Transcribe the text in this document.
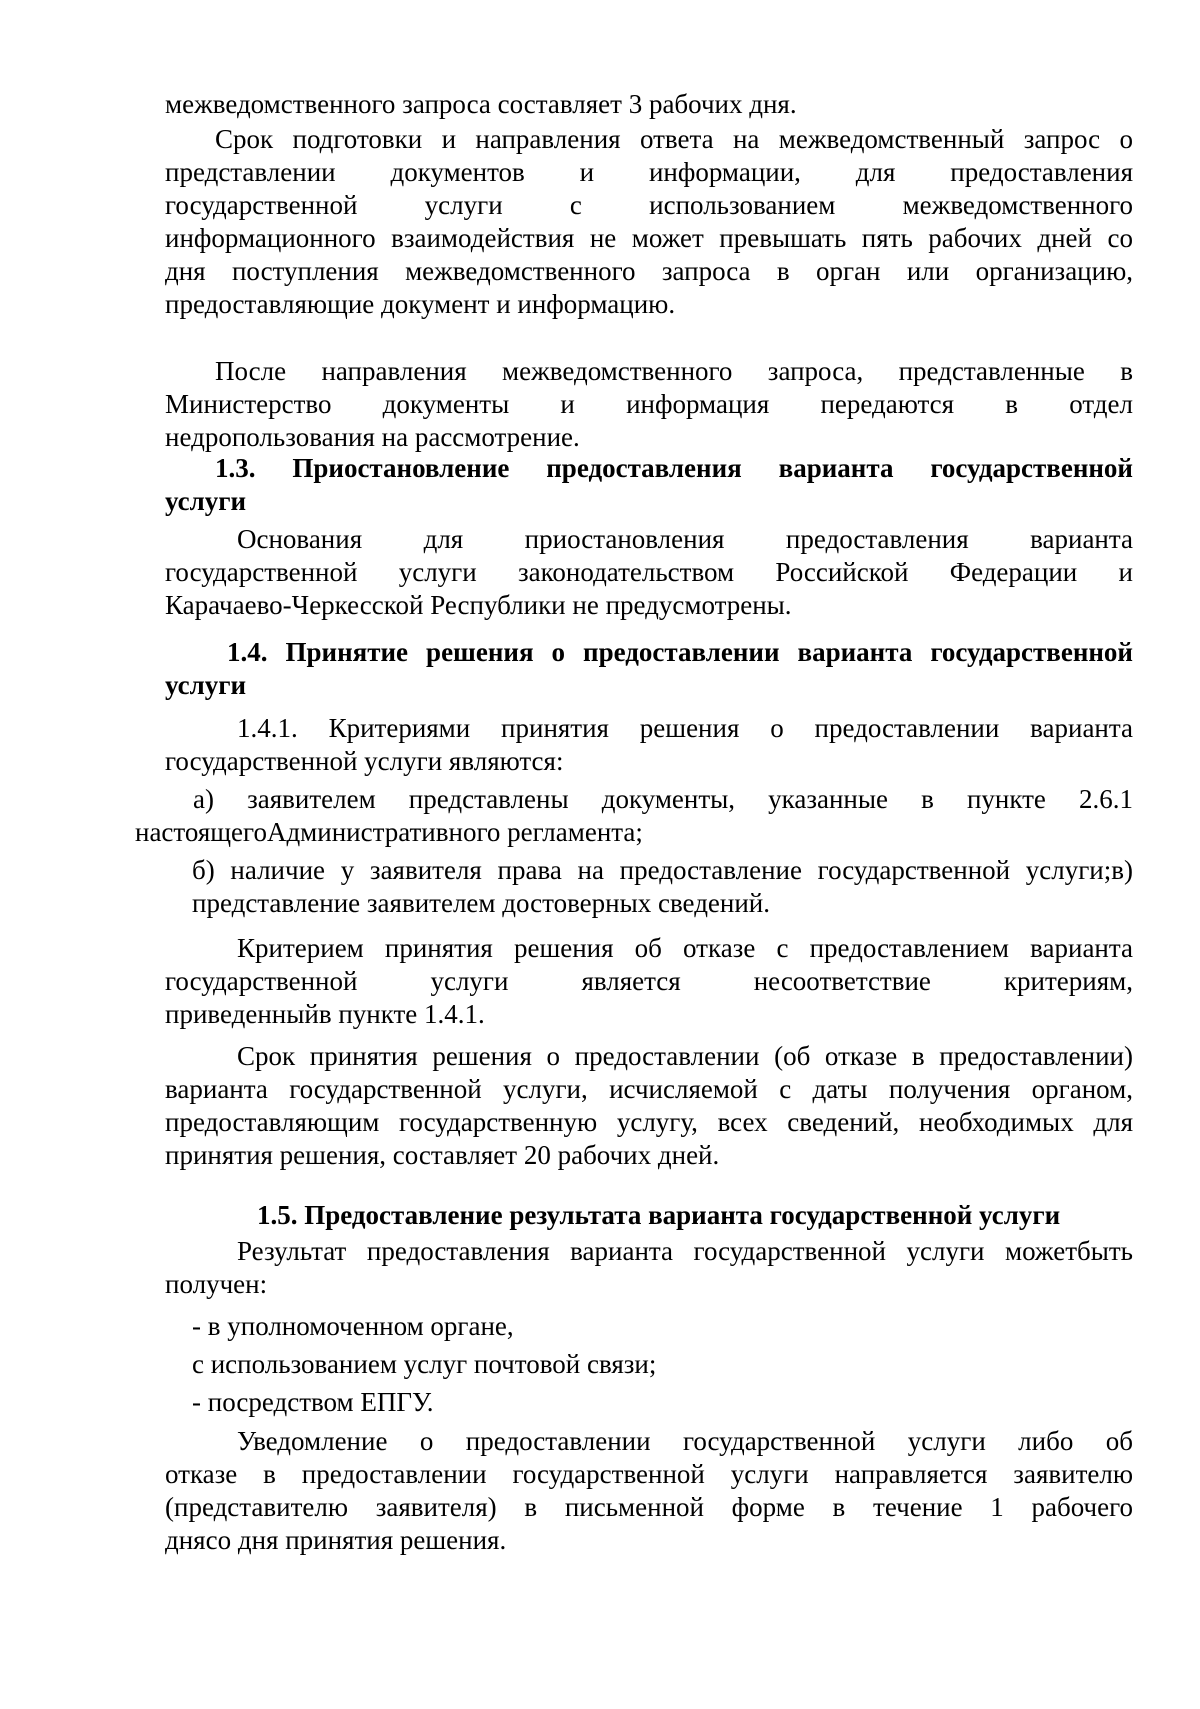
межведомственного запроса составляет 3 рабочих дня.

Срок подготовки и направления ответа на межведомственный запрос о

представлении документов и информации, для предоставления

государственной услуги с использованием межведомственного

информационного взаимодействия не может превышать пять рабочих дней со

дня поступления межведомственного запроса в орган или организацию,

предоставляющие документ и информацию.

После направления межведомственного запроса, представленные в

Министерство документы и информация передаются в отдел

недропользования на рассмотрение.

1.3. Приостановление предоставления варианта государственной

услуги

Основания для приостановления предоставления варианта

государственной услуги законодательством Российской Федерации и

Карачаево-Черкесской Республики не предусмотрены.

1.4. Принятие решения о предоставлении варианта государственной

услуги

1.4.1. Критериями принятия решения о предоставлении варианта

государственной услуги являются:

а) заявителем представлены документы, указанные в пункте 2.6.1

настоящегоАдминистративного регламента;

б) наличие у заявителя права на предоставление государственной услуги;в)

представление заявителем достоверных сведений.

Критерием принятия решения об отказе с предоставлением варианта

государственной услуги является несоответствие критериям,

приведенныйв пункте 1.4.1.

Срок принятия решения о предоставлении (об отказе в предоставлении)

варианта государственной услуги, исчисляемой с даты получения органом,

предоставляющим государственную услугу, всех сведений, необходимых для

принятия решения, составляет 20 рабочих дней.

1.5. Предоставление результата варианта государственной услуги

Результат предоставления варианта государственной услуги можетбыть

получен:

- в уполномоченном органе,

с использованием услуг почтовой связи;

- посредством ЕПГУ.

Уведомление о предоставлении государственной услуги либо об

отказе в предоставлении государственной услуги направляется заявителю

(представителю заявителя) в письменной форме в течение 1 рабочего

днясо дня принятия решения.
